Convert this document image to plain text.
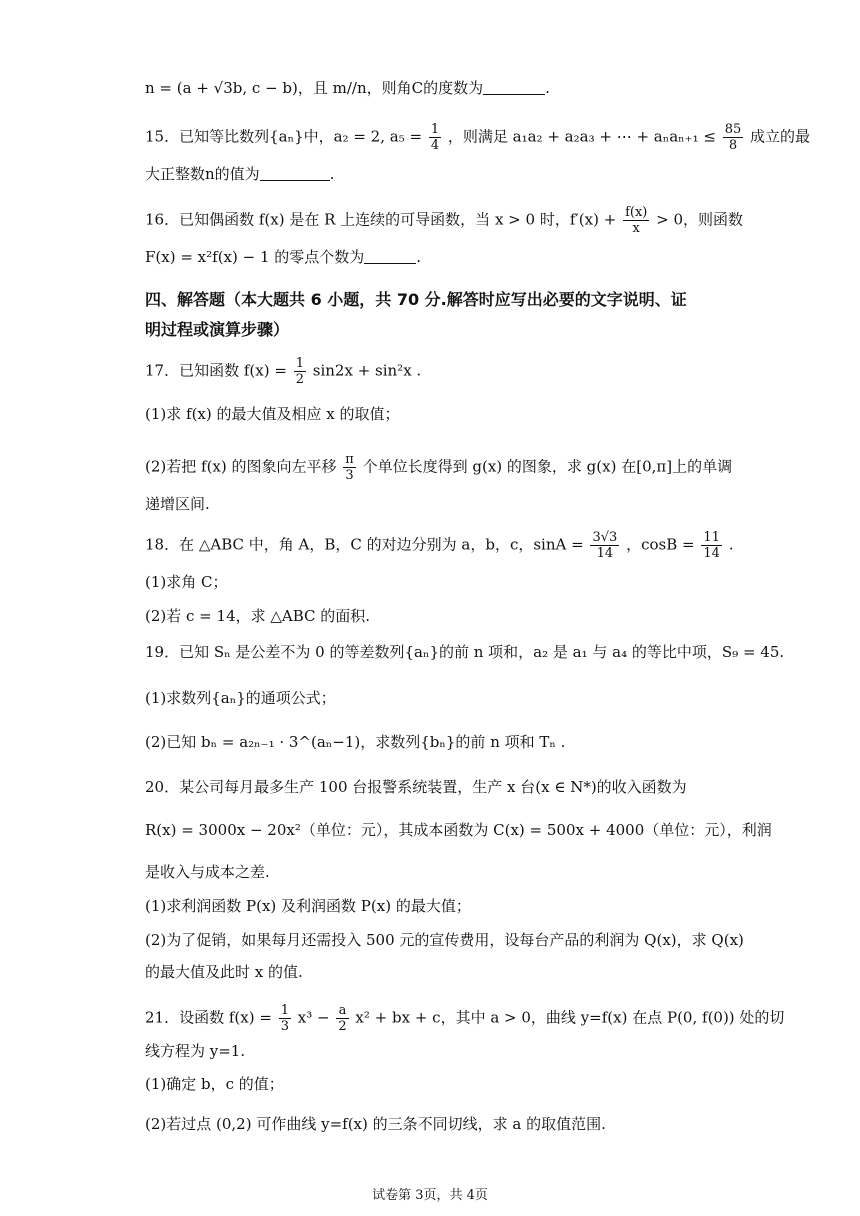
n = (a + √3b, c − b)，且 m//n，则角C的度数为	.
15．已知等比数列{aₙ}中，a₂ = 2, $a_5 = \frac{1}{4}$ ，则满足 a₁a₂ + a₂a₃ + ⋯ + $a_na_{n+1} \le \frac{85}{8}$ 成立的最
大正整数n的值为	.
16．已知偶函数 f(x) 是在 R 上连续的可导函数，当 x > 0 时，$f'(x) + \frac{f(x)}{x} > 0$，则函数
F(x) = x²f(x) − 1 的零点个数为	.
四、解答题（本大题共 6 小题，共 70 分.解答时应写出必要的文字说明、证
明过程或演算步骤）
17．已知函数 $f(x) = \frac{1}{2} \sin 2x + \sin^2x$ .
(1)求 f(x) 的最大值及相应 x 的取值；
(2)若把 f(x) 的图象向左平移 $\frac{\pi}{3}$ 个单位长度得到 g(x) 的图象，求 g(x) 在[0,π]上的单调
递增区间.
18．在 △ABC 中，角 A，B，C 的对边分别为 a，b，c，$\sin A = \frac{3√3}{14}$ ，$\cos B = \frac{11}{14}$ .
(1)求角 C；
(2)若 c = 14，求 △ABC 的面积.
19．已知 Sₙ 是公差不为 0 的等差数列{aₙ}的前 n 项和，a₂ 是 a₁ 与 a₄ 的等比中项，S₉ = 45.
(1)求数列{aₙ}的通项公式；
(2)已知 bₙ = a₂ₙ₋₁ · 3^(aₙ−1)，求数列{bₙ}的前 n 项和 Tₙ .
20．某公司每月最多生产 100 台报警系统装置，生产 x 台(x ∈ N*)的收入函数为
R(x) = 3000x − 20x²（单位：元），其成本函数为 C(x) = 500x + 4000（单位：元），利润
是收入与成本之差.
(1)求利润函数 P(x) 及利润函数 P(x) 的最大值；
(2)为了促销，如果每月还需投入 500 元的宣传费用，设每台产品的利润为 Q(x)，求 Q(x)
的最大值及此时 x 的值.
21．设函数 $f(x) = \frac{1}{3} x^3 - \frac{a}{2} x^2$ + bx + c，其中 a > 0，曲线 y=f(x) 在点 P(0, f(0)) 处的切
线方程为 y=1.
(1)确定 b，c 的值；
(2)若过点 (0,2) 可作曲线 y=f(x) 的三条不同切线，求 a 的取值范围.
试卷第 3页，共 4页
